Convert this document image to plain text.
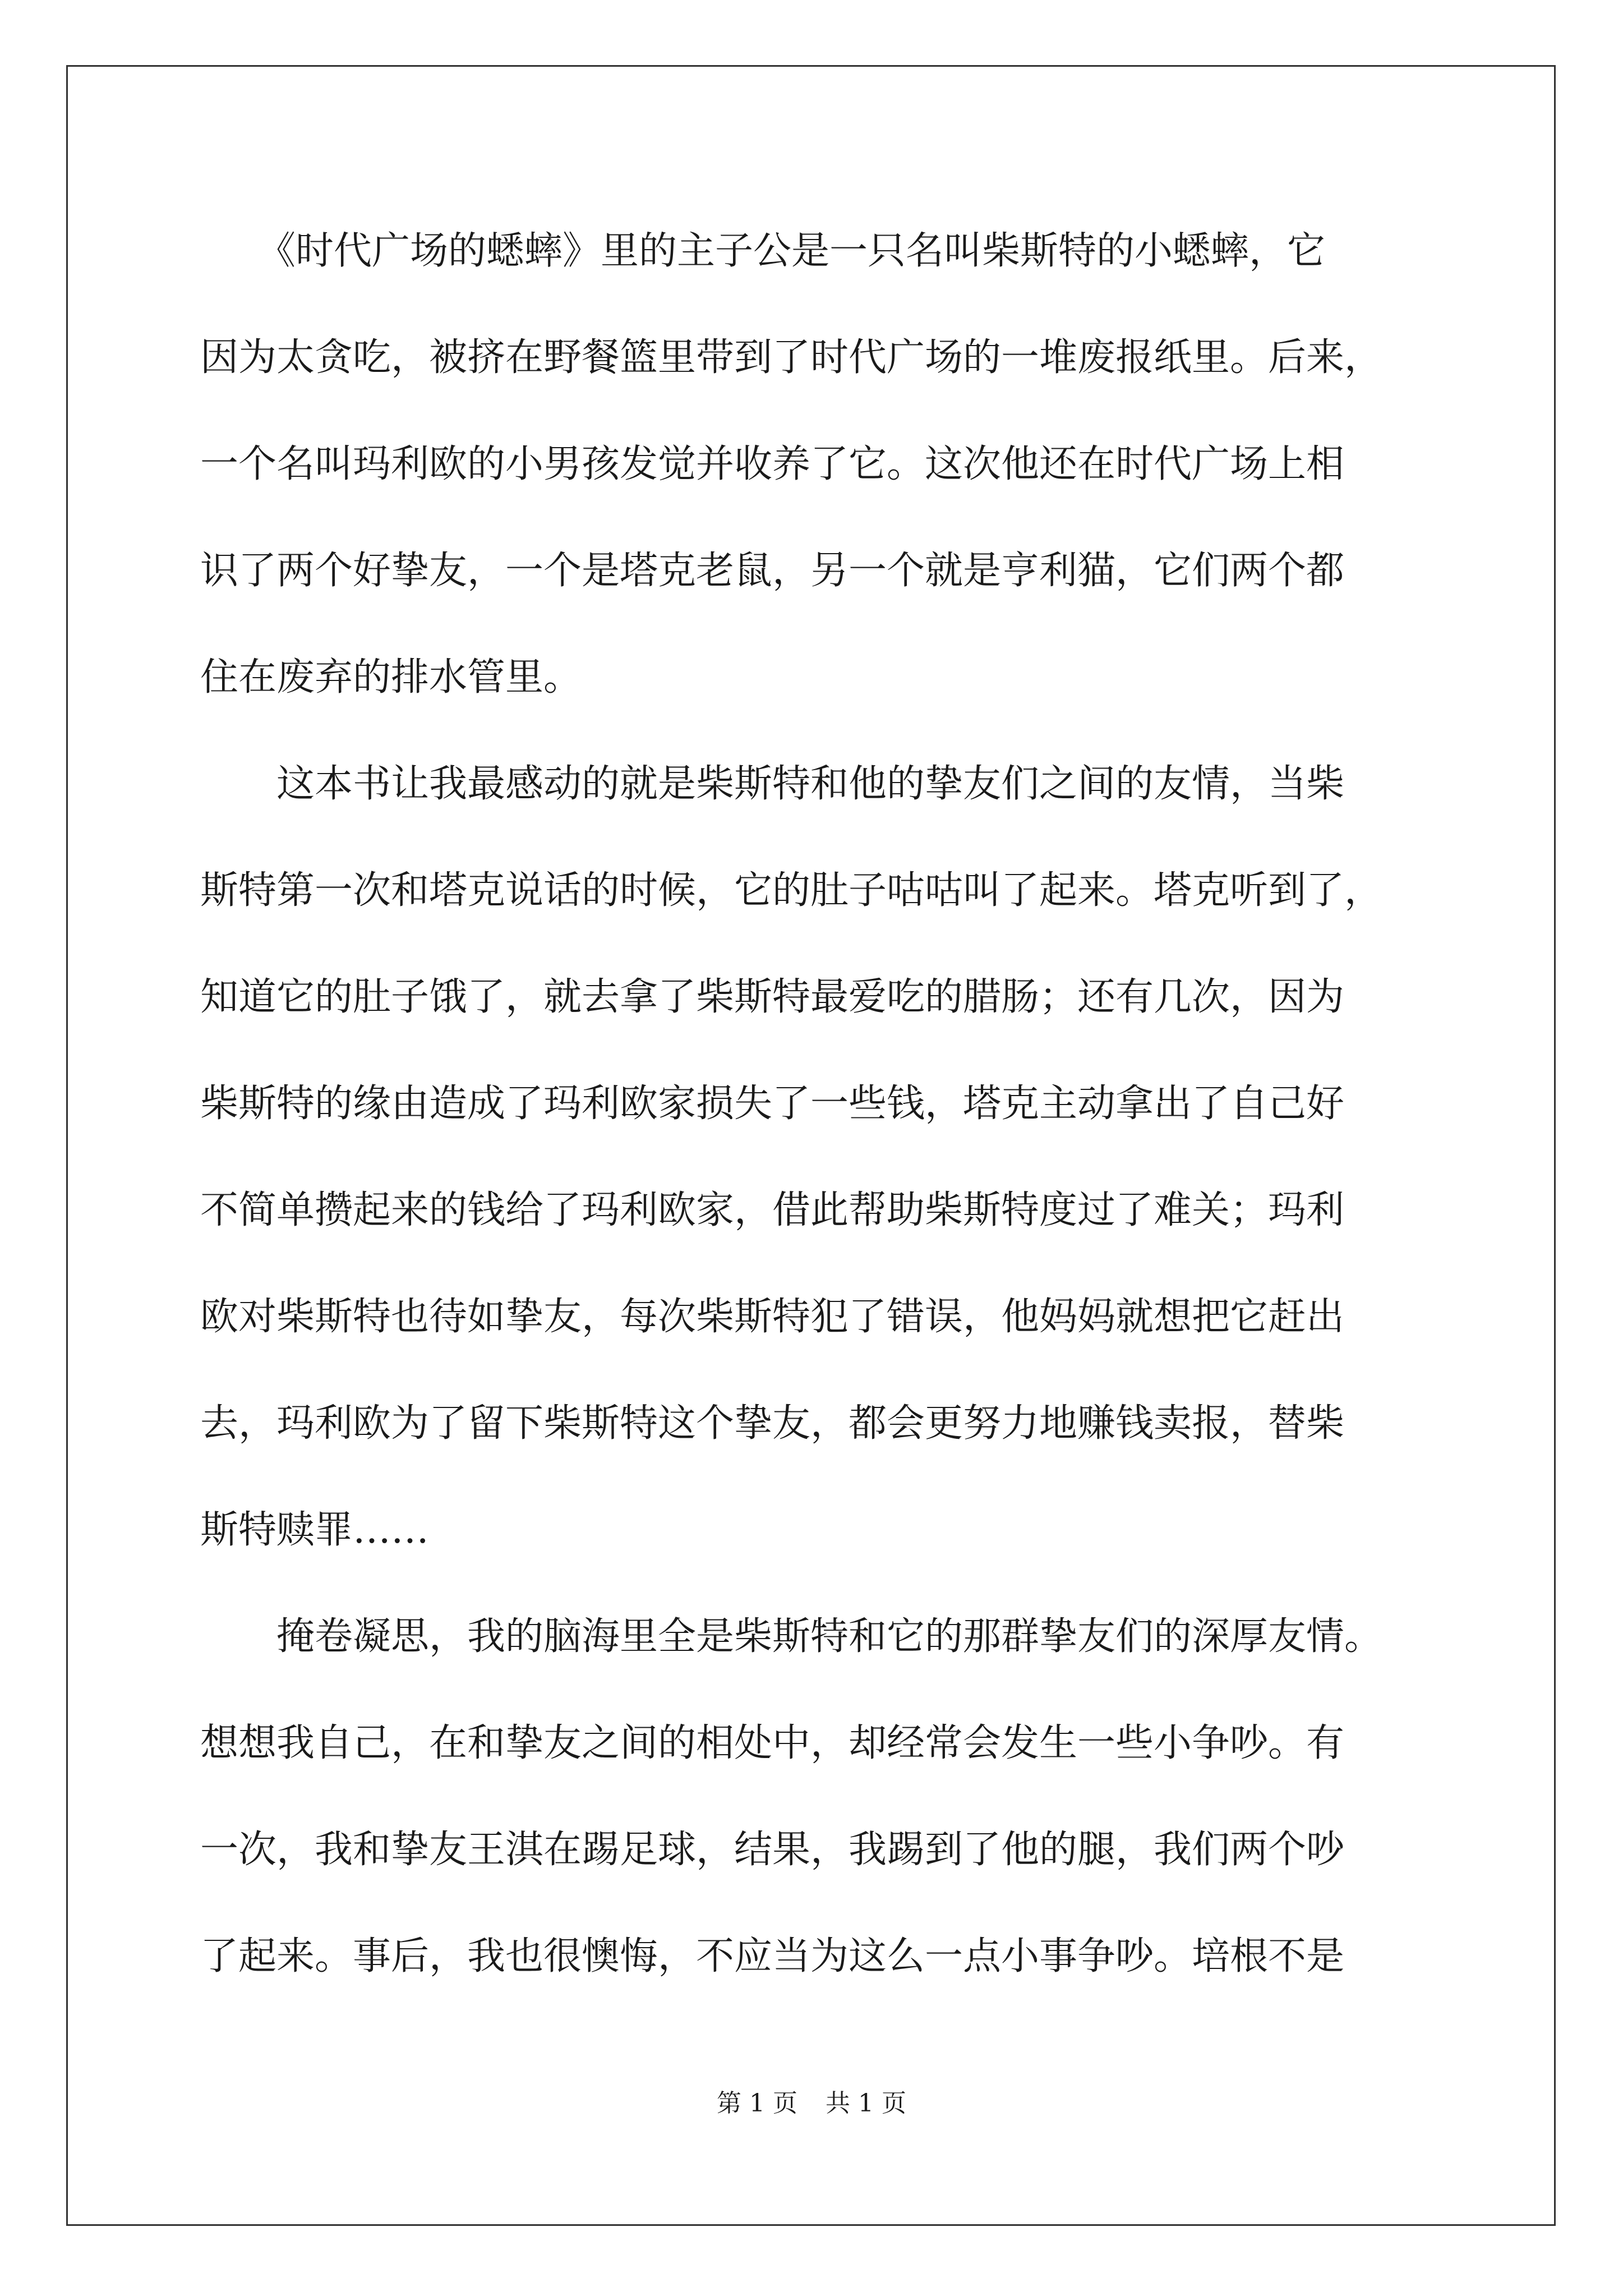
　　《时代广场的蟋蟀》里的主子公是一只名叫柴斯特的小蟋蟀，它
因为太贪吃，被挤在野餐篮里带到了时代广场的一堆废报纸里。后来，
一个名叫玛利欧的小男孩发觉并收养了它。这次他还在时代广场上相
识了两个好挚友，一个是塔克老鼠，另一个就是亨利猫，它们两个都
住在废弃的排水管里。
　　这本书让我最感动的就是柴斯特和他的挚友们之间的友情，当柴
斯特第一次和塔克说话的时候，它的肚子咕咕叫了起来。塔克听到了，
知道它的肚子饿了，就去拿了柴斯特最爱吃的腊肠；还有几次，因为
柴斯特的缘由造成了玛利欧家损失了一些钱，塔克主动拿出了自己好
不简单攒起来的钱给了玛利欧家，借此帮助柴斯特度过了难关；玛利
欧对柴斯特也待如挚友，每次柴斯特犯了错误，他妈妈就想把它赶出
去，玛利欧为了留下柴斯特这个挚友，都会更努力地赚钱卖报，替柴
斯特赎罪……
　　掩卷凝思，我的脑海里全是柴斯特和它的那群挚友们的深厚友情。
想想我自己，在和挚友之间的相处中，却经常会发生一些小争吵。有
一次，我和挚友王淇在踢足球，结果，我踢到了他的腿，我们两个吵
了起来。事后，我也很懊悔，不应当为这么一点小事争吵。培根不是
第 1 页 共 1 页
